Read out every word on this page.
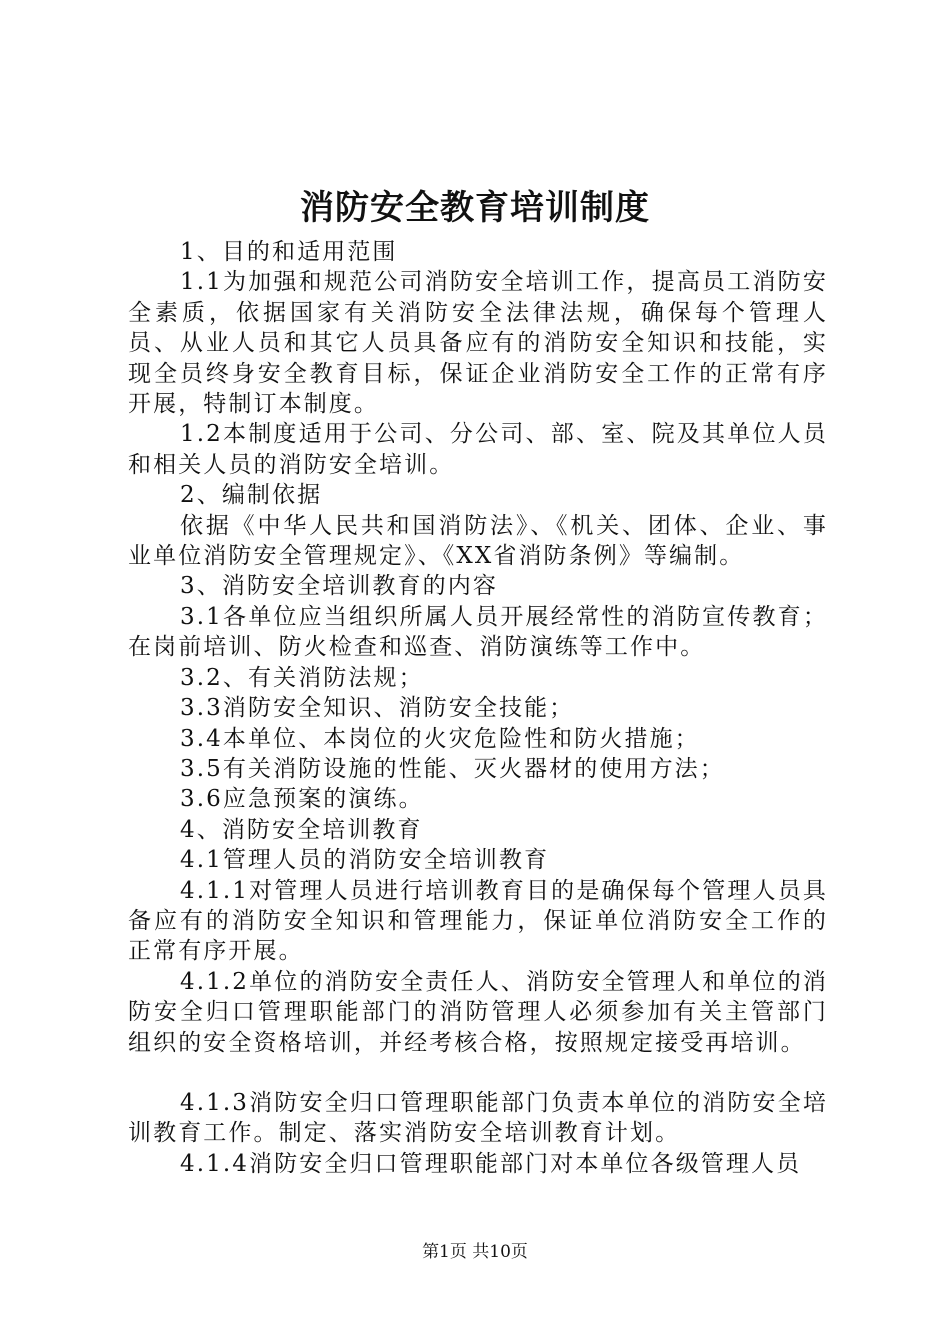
消防安全教育培训制度

1、目的和适用范围

1.1为加强和规范公司消防安全培训工作，提高员工消防安全素质，依据国家有关消防安全法律法规，确保每个管理人员、从业人员和其它人员具备应有的消防安全知识和技能，实现全员终身安全教育目标，保证企业消防安全工作的正常有序开展，特制订本制度。

1.2本制度适用于公司、分公司、部、室、院及其单位人员和相关人员的消防安全培训。

2、编制依据

依据《中华人民共和国消防法》、《机关、团体、企业、事业单位消防安全管理规定》、《XX省消防条例》等编制。

3、消防安全培训教育的内容

3.1各单位应当组织所属人员开展经常性的消防宣传教育；在岗前培训、防火检查和巡查、消防演练等工作中。

3.2、有关消防法规；

3.3消防安全知识、消防安全技能；

3.4本单位、本岗位的火灾危险性和防火措施；

3.5有关消防设施的性能、灭火器材的使用方法；

3.6应急预案的演练。

4、消防安全培训教育

4.1管理人员的消防安全培训教育

4.1.1对管理人员进行培训教育目的是确保每个管理人员具备应有的消防安全知识和管理能力，保证单位消防安全工作的正常有序开展。

4.1.2单位的消防安全责任人、消防安全管理人和单位的消防安全归口管理职能部门的消防管理人必须参加有关主管部门组织的安全资格培训，并经考核合格，按照规定接受再培训。

4.1.3消防安全归口管理职能部门负责本单位的消防安全培训教育工作。制定、落实消防安全培训教育计划。

4.1.4消防安全归口管理职能部门对本单位各级管理人员

第1页 共10页
